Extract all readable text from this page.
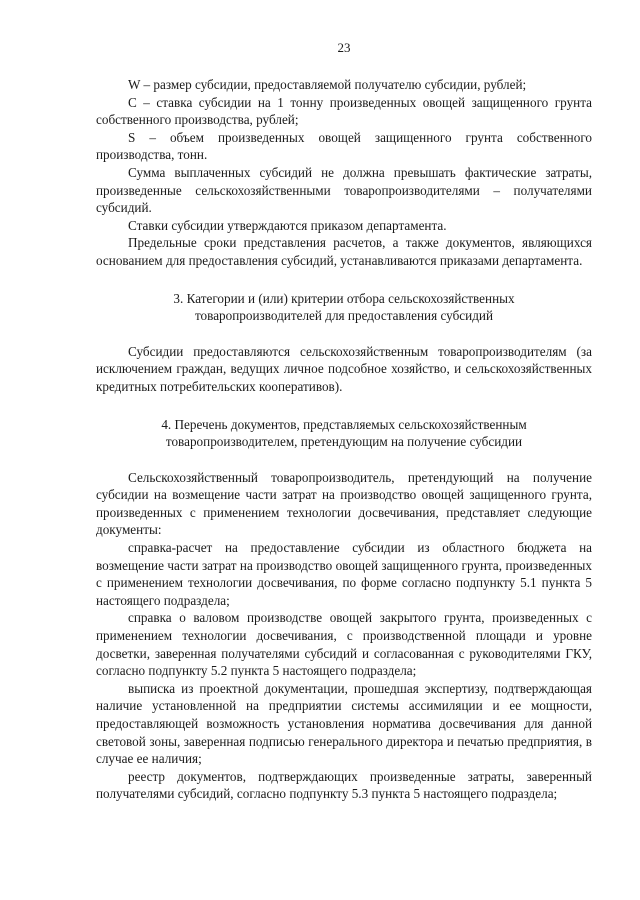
23

W – размер субсидии, предоставляемой получателю субсидии, рублей;

С – ставка субсидии на 1 тонну произведенных овощей защищенного грунта собственного производства, рублей;

S – объем произведенных овощей защищенного грунта собственного производства, тонн.

Сумма выплаченных субсидий не должна превышать фактические затраты, произведенные сельскохозяйственными товаропроизводителями – получателями субсидий.

Ставки субсидии утверждаются приказом департамента.

Предельные сроки представления расчетов, а также документов, являющихся основанием для предоставления субсидий, устанавливаются приказами департамента.

3. Категории и (или) критерии отбора сельскохозяйственных товаропроизводителей для предоставления субсидий

Субсидии предоставляются сельскохозяйственным товаропроизводителям (за исключением граждан, ведущих личное подсобное хозяйство, и сельскохозяйственных кредитных потребительских кооперативов).

4. Перечень документов, представляемых сельскохозяйственным товаропроизводителем, претендующим на получение субсидии

Сельскохозяйственный товаропроизводитель, претендующий на получение субсидии на возмещение части затрат на производство овощей защищенного грунта, произведенных с применением технологии досвечивания, представляет следующие документы:

справка-расчет на предоставление субсидии из областного бюджета на возмещение части затрат на производство овощей защищенного грунта, произведенных с применением технологии досвечивания, по форме согласно подпункту 5.1 пункта 5 настоящего подраздела;

справка о валовом производстве овощей закрытого грунта, произведенных с применением технологии досвечивания, с производственной площади и уровне досветки, заверенная получателями субсидий и согласованная с руководителями ГКУ, согласно подпункту 5.2 пункта 5 настоящего подраздела;

выписка из проектной документации, прошедшая экспертизу, подтверждающая наличие установленной на предприятии системы ассимиляции и ее мощности, предоставляющей возможность установления норматива досвечивания для данной световой зоны, заверенная подписью генерального директора и печатью предприятия, в случае ее наличия;

реестр документов, подтверждающих произведенные затраты, заверенный получателями субсидий, согласно подпункту 5.3 пункта 5 настоящего подраздела;
